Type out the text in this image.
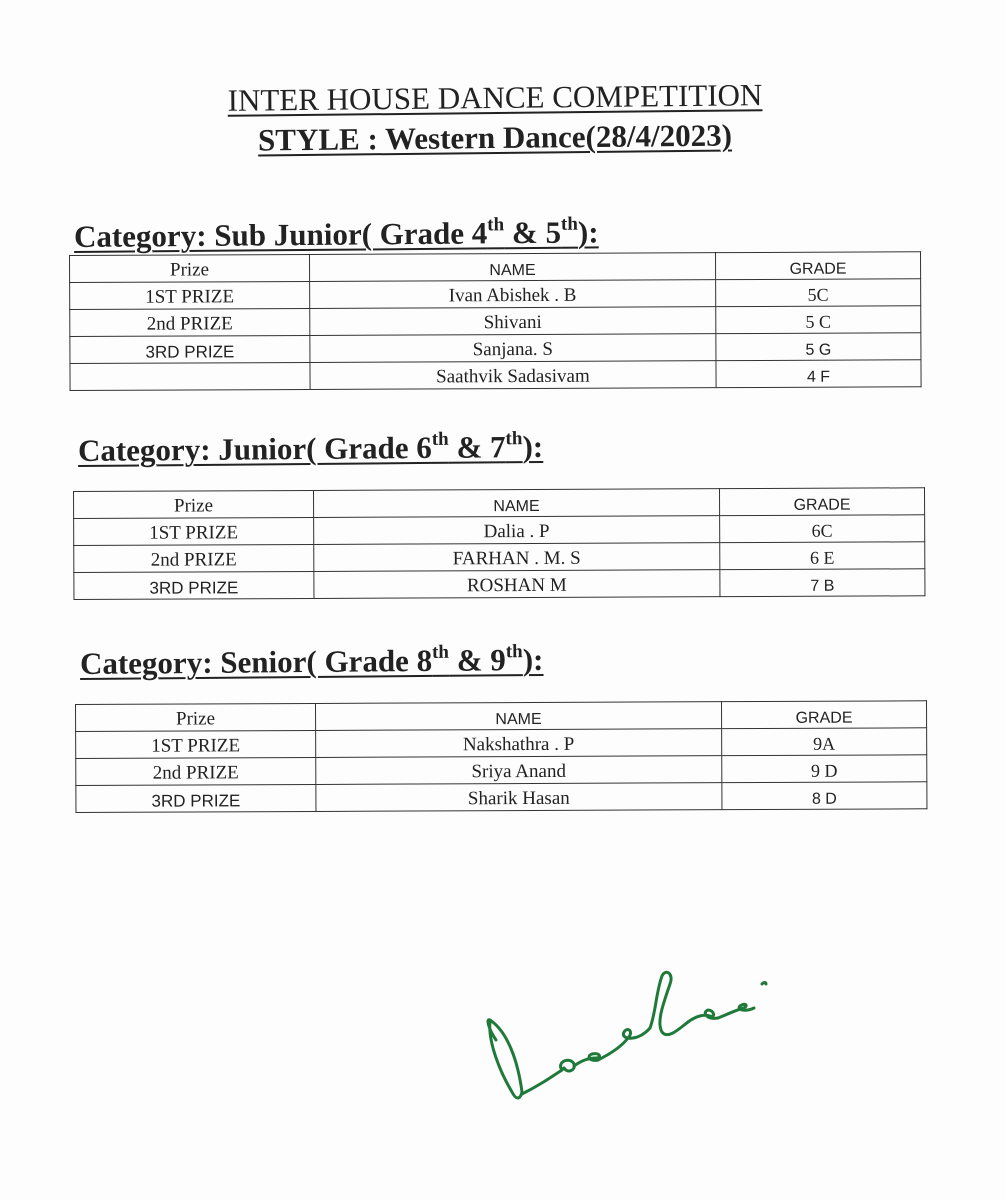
INTER HOUSE DANCE COMPETITION
STYLE : Western Dance(28/4/2023)
Category: Sub Junior( Grade 4th & 5th):
Prize	NAME	GRADE
1ST PRIZE	Ivan Abishek . B	5C
2nd PRIZE	Shivani	5 C
3RD PRIZE	Sanjana. S	5 G
	Saathvik Sadasivam	4 F
Category: Junior( Grade 6th & 7th):
Prize	NAME	GRADE
1ST PRIZE	Dalia . P	6C
2nd PRIZE	FARHAN . M. S	6 E
3RD PRIZE	ROSHAN M	7 B
Category: Senior( Grade 8th & 9th):
Prize	NAME	GRADE
1ST PRIZE	Nakshathra . P	9A
2nd PRIZE	Sriya Anand	9 D
3RD PRIZE	Sharik Hasan	8 D
